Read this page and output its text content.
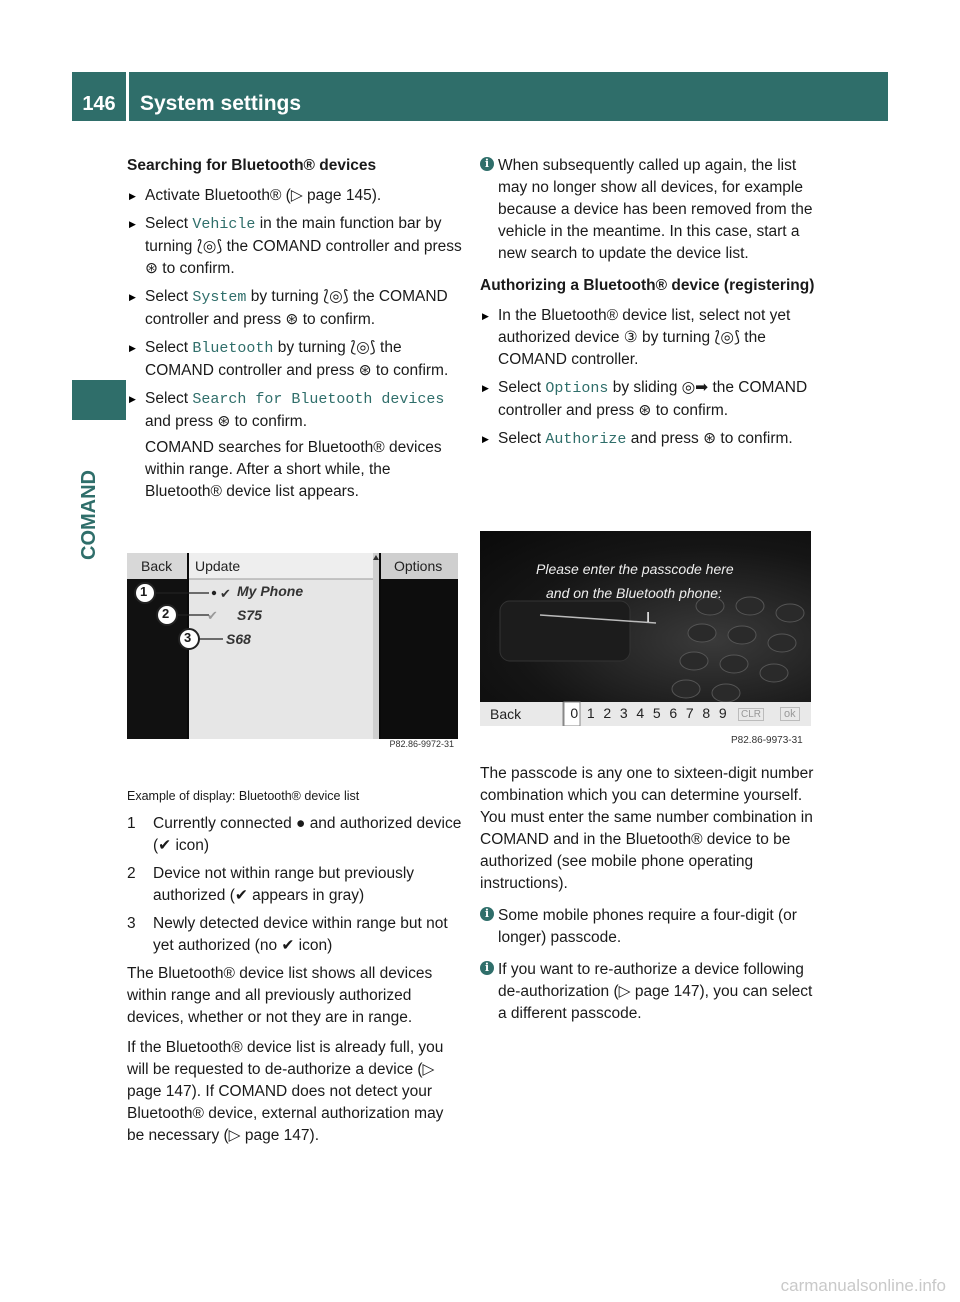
146	System settings
COMAND

Searching for Bluetooth® devices

▶ Activate Bluetooth® (▷ page 145).
▶ Select Vehicle in the main function bar by turning ⟅◎⟆ the COMAND controller and press ⊛ to confirm.
▶ Select System by turning ⟅◎⟆ the COMAND controller and press ⊛ to confirm.
▶ Select Bluetooth by turning ⟅◎⟆ the COMAND controller and press ⊛ to confirm.
▶ Select Search for Bluetooth devices and press ⊛ to confirm.

COMAND searches for Bluetooth® devices within range. After a short while, the Bluetooth® device list appears.

✔
✔
Back Update	Options
1
2
3
My Phone
S75
S68
P82.86-9972-31

Example of display: Bluetooth® device list

1 Currently connected ● and authorized device (✔ icon)
2 Device not within range but previously authorized (✔ appears in gray)
3 Newly detected device within range but not yet authorized (no ✔ icon)

The Bluetooth® device list shows all devices within range and all previously authorized devices, whether or not they are in range.

If the Bluetooth® device list is already full, you will be requested to de-authorize a device (▷ page 147). If COMAND does not detect your Bluetooth® device, external authorization may be necessary (▷ page 147).

i When subsequently called up again, the list may no longer show all devices, for example because a device has been removed from the vehicle in the meantime. In this case, start a new search to update the device list.

Authorizing a Bluetooth® device (registering)

▶ In the Bluetooth® device list, select not yet authorized device ③ by turning ⟅◎⟆ the COMAND controller.
▶ Select Options by sliding ◎➡ the COMAND controller and press ⊛ to confirm.
▶ Select Authorize and press ⊛ to confirm.
Please enter the passcode here
and on the Bluetooth phone:
I
Back	0 1 2 3 4 5 6 7 8 9	CLR	ok
P82.86-9973-31

The passcode is any one to sixteen-digit number combination which you can determine yourself. You must enter the same number combination in COMAND and in the Bluetooth® device to be authorized (see mobile phone operating instructions).

i Some mobile phones require a four-digit (or longer) passcode.
i If you want to re-authorize a device following de-authorization (▷ page 147), you can select a different passcode.
carmanualsonline.info
